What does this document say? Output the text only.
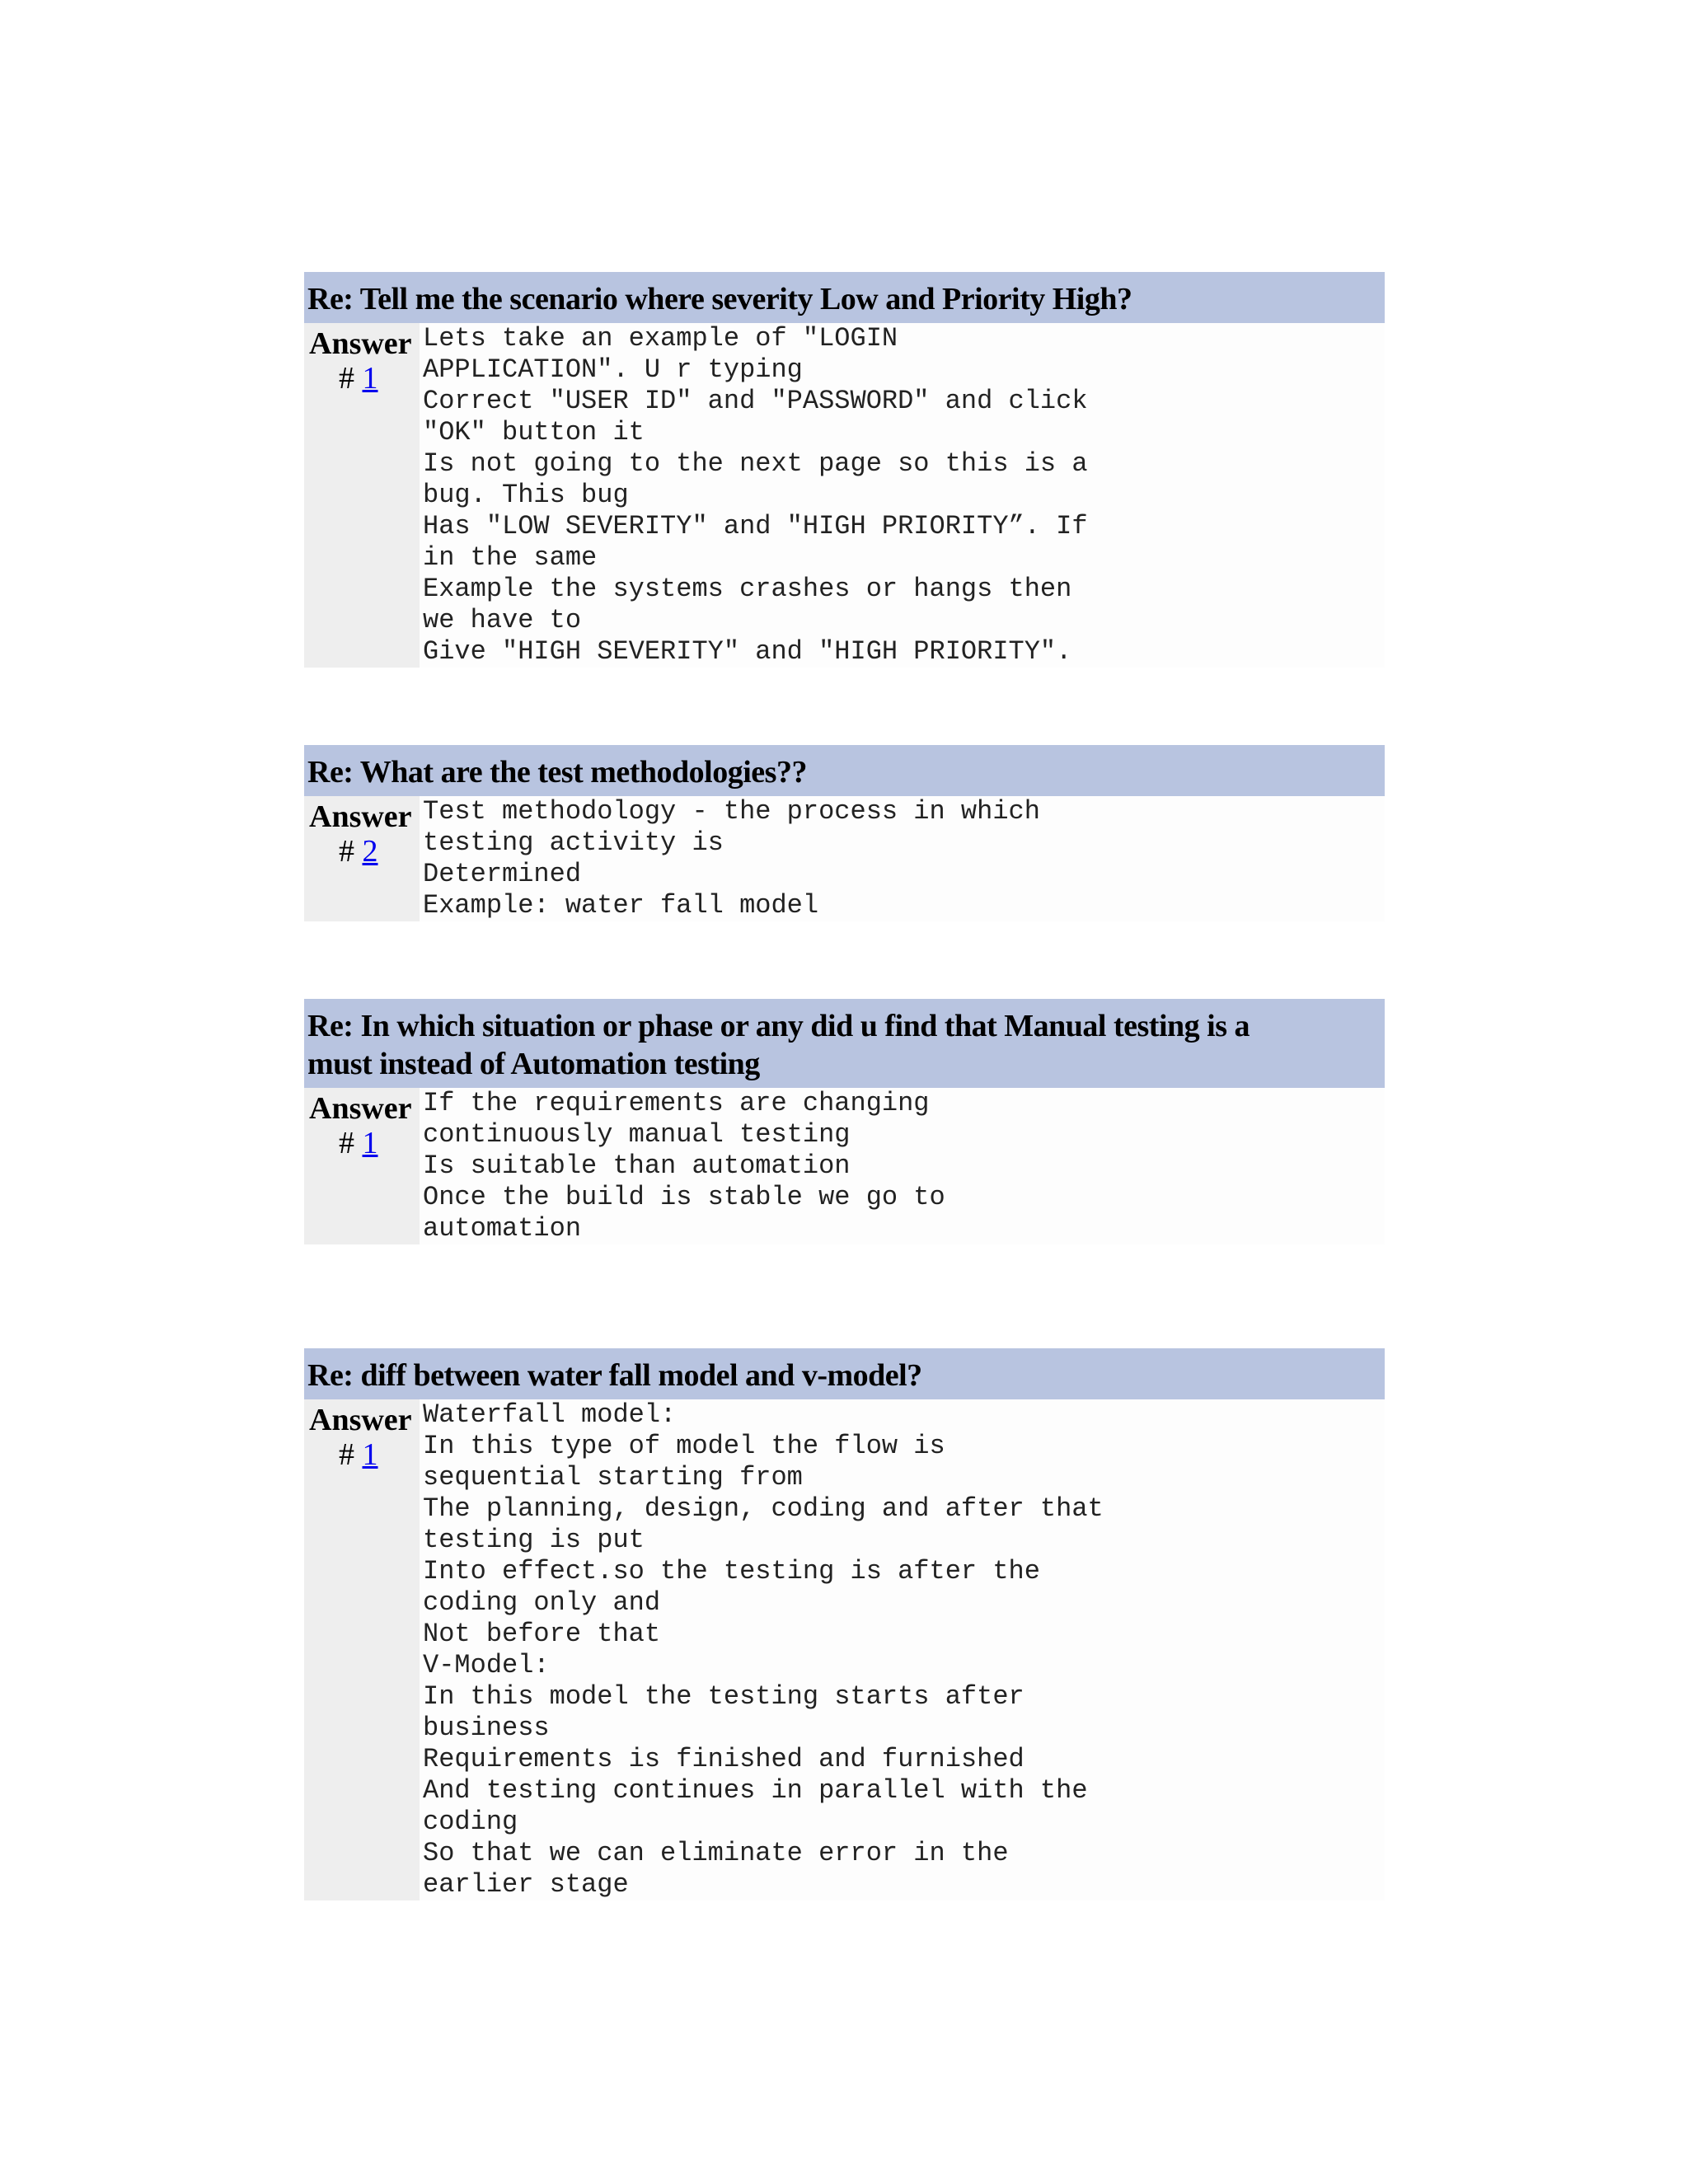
Re: Tell me the scenario where severity Low and Priority High?
Answer
# 1
Lets take an example of "LOGIN
APPLICATION". U r typing
Correct "USER ID" and "PASSWORD" and click
"OK" button it
Is not going to the next page so this is a
bug. This bug
Has "LOW SEVERITY" and "HIGH PRIORITY”. If
in the same
Example the systems crashes or hangs then
we have to
Give "HIGH SEVERITY" and "HIGH PRIORITY".
Re: What are the test methodologies??
Answer
# 2
Test methodology - the process in which
testing activity is
Determined
Example: water fall model
Re: In which situation or phase or any did u find that Manual testing is a
must instead of Automation testing
Answer
# 1
If the requirements are changing
continuously manual testing
Is suitable than automation
Once the build is stable we go to
automation
Re: diff between water fall model and v-model?
Answer
# 1
Waterfall model:
In this type of model the flow is
sequential starting from
The planning, design, coding and after that
testing is put
Into effect.so the testing is after the
coding only and
Not before that
V-Model:
In this model the testing starts after
business
Requirements is finished and furnished
And testing continues in parallel with the
coding
So that we can eliminate error in the
earlier stage
